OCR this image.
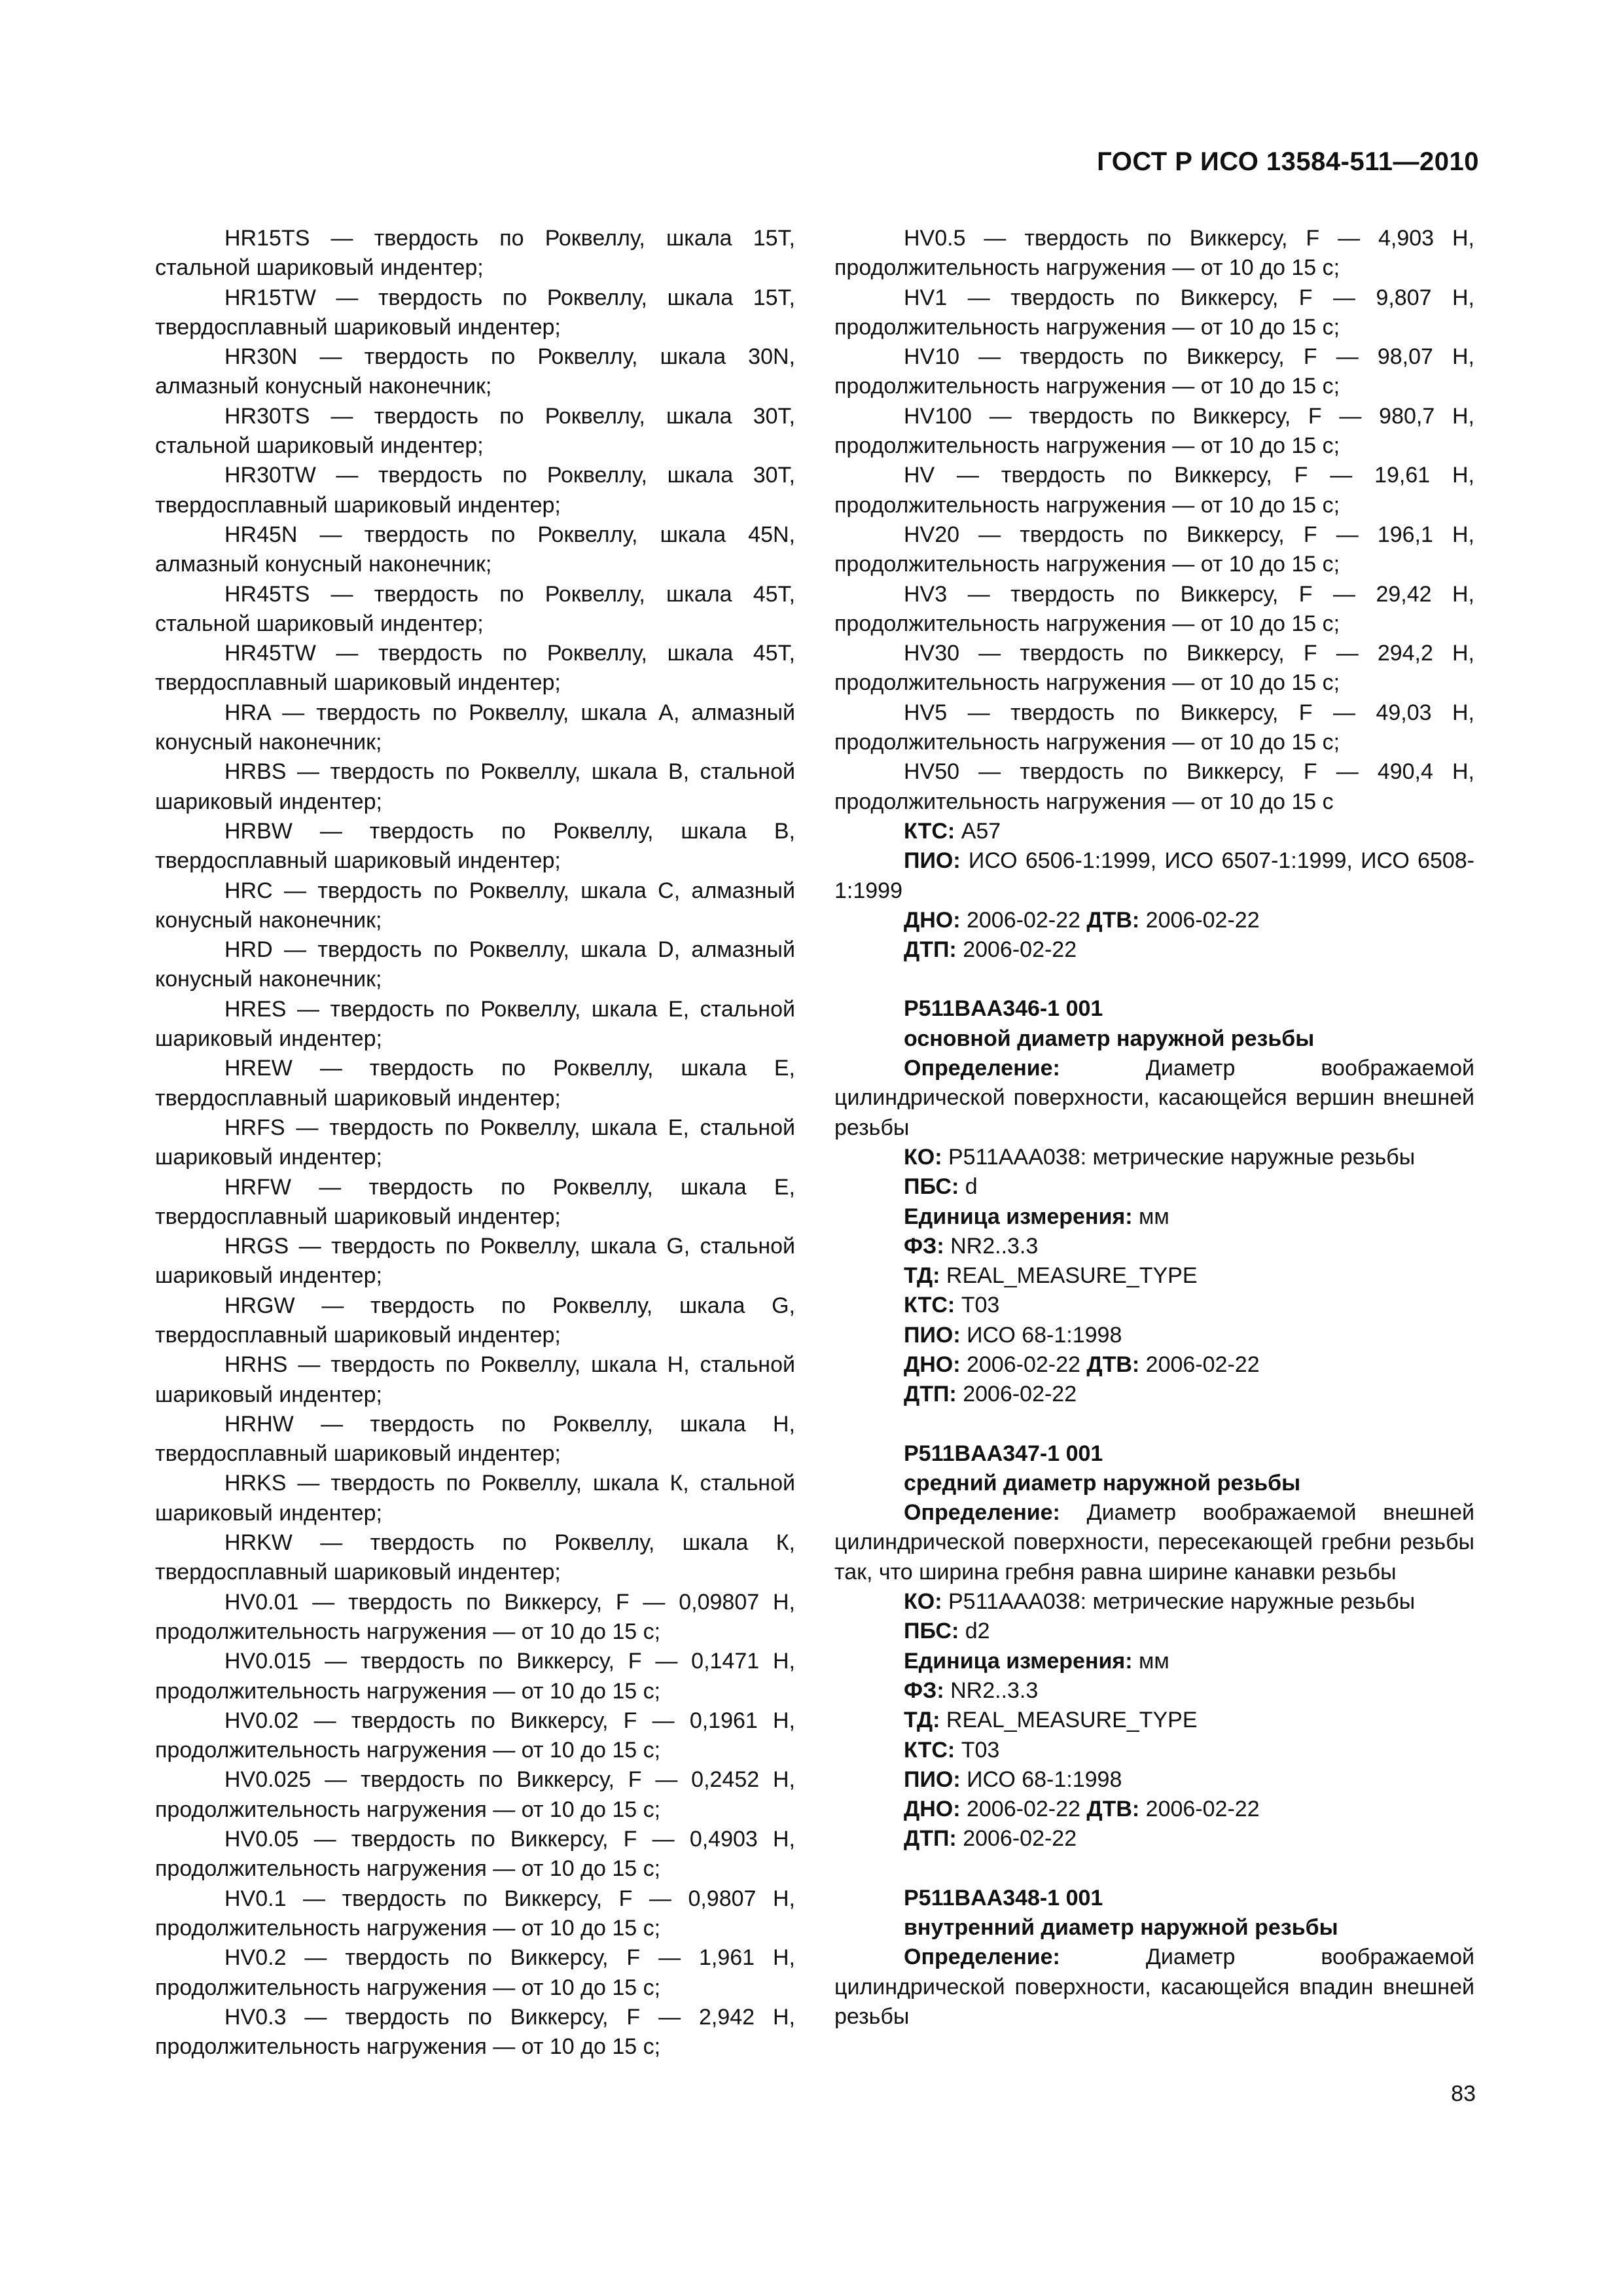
ГОСТ Р ИСО 13584-511—2010
HR15TS — твердость по Роквеллу, шкала 15Т, стальной шариковый индентер;
HR15TW — твердость по Роквеллу, шкала 15Т, твердосплавный шариковый индентер;
HR30N — твердость по Роквеллу, шкала 30N, алмазный конусный наконечник;
HR30TS — твердость по Роквеллу, шкала 30Т, стальной шариковый индентер;
HR30TW — твердость по Роквеллу, шкала 30Т, твердосплавный шариковый индентер;
HR45N — твердость по Роквеллу, шкала 45N, алмазный конусный наконечник;
HR45TS — твердость по Роквеллу, шкала 45Т, стальной шариковый индентер;
HR45TW — твердость по Роквеллу, шкала 45Т, твердосплавный шариковый индентер;
HRA — твердость по Роквеллу, шкала А, алмазный конусный наконечник;
HRBS — твердость по Роквеллу, шкала В, стальной шариковый индентер;
HRBW — твердость по Роквеллу, шкала В, твердосплавный шариковый индентер;
HRC — твердость по Роквеллу, шкала С, алмазный конусный наконечник;
HRD — твердость по Роквеллу, шкала D, алмазный конусный наконечник;
HRES — твердость по Роквеллу, шкала Е, стальной шариковый индентер;
HREW — твердость по Роквеллу, шкала Е, твердосплавный шариковый индентер;
HRFS — твердость по Роквеллу, шкала Е, стальной шариковый индентер;
HRFW — твердость по Роквеллу, шкала Е, твердосплавный шариковый индентер;
HRGS — твердость по Роквеллу, шкала G, стальной шариковый индентер;
HRGW — твердость по Роквеллу, шкала G, твердосплавный шариковый индентер;
HRHS — твердость по Роквеллу, шкала Н, стальной шариковый индентер;
HRHW — твердость по Роквеллу, шкала Н, твердосплавный шариковый индентер;
HRKS — твердость по Роквеллу, шкала К, стальной шариковый индентер;
HRKW — твердость по Роквеллу, шкала К, твердосплавный шариковый индентер;
HV0.01 — твердость по Виккерсу, F — 0,09807 Н, продолжительность нагружения — от 10 до 15 с;
HV0.015 — твердость по Виккерсу, F — 0,1471 Н, продолжительность нагружения — от 10 до 15 с;
HV0.02 — твердость по Виккерсу, F — 0,1961 Н, продолжительность нагружения — от 10 до 15 с;
HV0.025 — твердость по Виккерсу, F — 0,2452 Н, продолжительность нагружения — от 10 до 15 с;
HV0.05 — твердость по Виккерсу, F — 0,4903 Н, продолжительность нагружения — от 10 до 15 с;
HV0.1 — твердость по Виккерсу, F — 0,9807 Н, продолжительность нагружения — от 10 до 15 с;
HV0.2 — твердость по Виккерсу, F — 1,961 Н, продолжительность нагружения — от 10 до 15 с;
HV0.3 — твердость по Виккерсу, F — 2,942 Н, продолжительность нагружения — от 10 до 15 с;
HV0.5 — твердость по Виккерсу, F — 4,903 Н, продолжительность нагружения — от 10 до 15 с;
HV1 — твердость по Виккерсу, F — 9,807 Н, продолжительность нагружения — от 10 до 15 с;
HV10 — твердость по Виккерсу, F — 98,07 Н, продолжительность нагружения — от 10 до 15 с;
HV100 — твердость по Виккерсу, F — 980,7 Н, продолжительность нагружения — от 10 до 15 с;
HV — твердость по Виккерсу, F — 19,61 Н, продолжительность нагружения — от 10 до 15 с;
HV20 — твердость по Виккерсу, F — 196,1 Н, продолжительность нагружения — от 10 до 15 с;
HV3 — твердость по Виккерсу, F — 29,42 Н, продолжительность нагружения — от 10 до 15 с;
HV30 — твердость по Виккерсу, F — 294,2 Н, продолжительность нагружения — от 10 до 15 с;
HV5 — твердость по Виккерсу, F — 49,03 Н, продолжительность нагружения — от 10 до 15 с;
HV50 — твердость по Виккерсу, F — 490,4 Н, продолжительность нагружения — от 10 до 15 с
КТС: А57
ПИО: ИСО 6506-1:1999, ИСО 6507-1:1999, ИСО 6508-1:1999
ДНО: 2006-02-22 ДТВ: 2006-02-22
ДТП: 2006-02-22
P511BAA346-1 001
основной диаметр наружной резьбы
Определение: Диаметр воображаемой цилиндрической поверхности, касающейся вершин внешней резьбы
КО: P511AAA038: метрические наружные резьбы
ПБС: d
Единица измерения: мм
ФЗ: NR2..3.3
ТД: REAL_MEASURE_TYPE
КТС: Т03
ПИО: ИСО 68-1:1998
ДНО: 2006-02-22 ДТВ: 2006-02-22
ДТП: 2006-02-22
P511BAA347-1 001
средний диаметр наружной резьбы
Определение: Диаметр воображаемой внешней цилиндрической поверхности, пересекающей гребни резьбы так, что ширина гребня равна ширине канавки резьбы
КО: P511AAA038: метрические наружные резьбы
ПБС: d2
Единица измерения: мм
ФЗ: NR2..3.3
ТД: REAL_MEASURE_TYPE
КТС: Т03
ПИО: ИСО 68-1:1998
ДНО: 2006-02-22 ДТВ: 2006-02-22
ДТП: 2006-02-22
P511BAA348-1 001
внутренний диаметр наружной резьбы
Определение: Диаметр воображаемой цилиндрической поверхности, касающейся впадин внешней резьбы
83
